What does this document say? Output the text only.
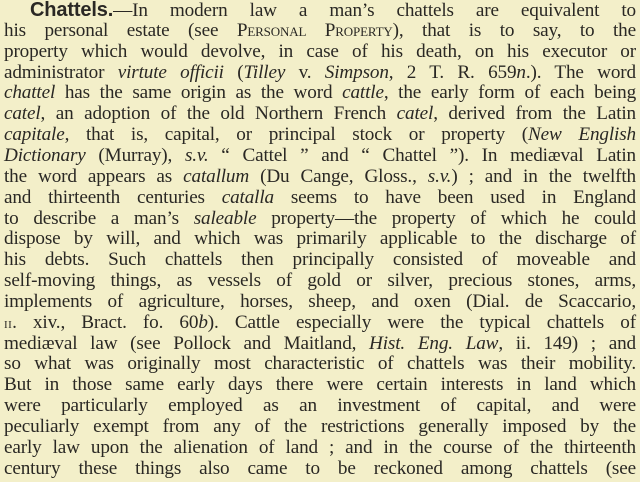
Chattels.—In modern law a man’s chattels are equivalent to
his personal estate (see Personal Property), that is to say, to the
property which would devolve, in case of his death, on his executor or
administrator virtute officii (Tilley v. Simpson, 2 T. R. 659n.). The word
chattel has the same origin as the word cattle, the early form of each being
catel, an adoption of the old Northern French catel, derived from the Latin
capitale, that is, capital, or principal stock or property (New English
Dictionary (Murray), s.v. “ Cattel ” and “ Chattel ”). In mediæval Latin
the word appears as catallum (Du Cange, Gloss., s.v.) ; and in the twelfth
and thirteenth centuries catalla seems to have been used in England
to describe a man’s saleable property—the property of which he could
dispose by will, and which was primarily applicable to the discharge of
his debts. Such chattels then principally consisted of moveable and
self-moving things, as vessels of gold or silver, precious stones, arms,
implements of agriculture, horses, sheep, and oxen (Dial. de Scaccario,
ii. xiv., Bract. fo. 60b). Cattle especially were the typical chattels of
mediæval law (see Pollock and Maitland, Hist. Eng. Law, ii. 149) ; and
so what was originally most characteristic of chattels was their mobility.
But in those same early days there were certain interests in land which
were particularly employed as an investment of capital, and were
peculiarly exempt from any of the restrictions generally imposed by the
early law upon the alienation of land ; and in the course of the thirteenth
century these things also came to be reckoned among chattels (see
